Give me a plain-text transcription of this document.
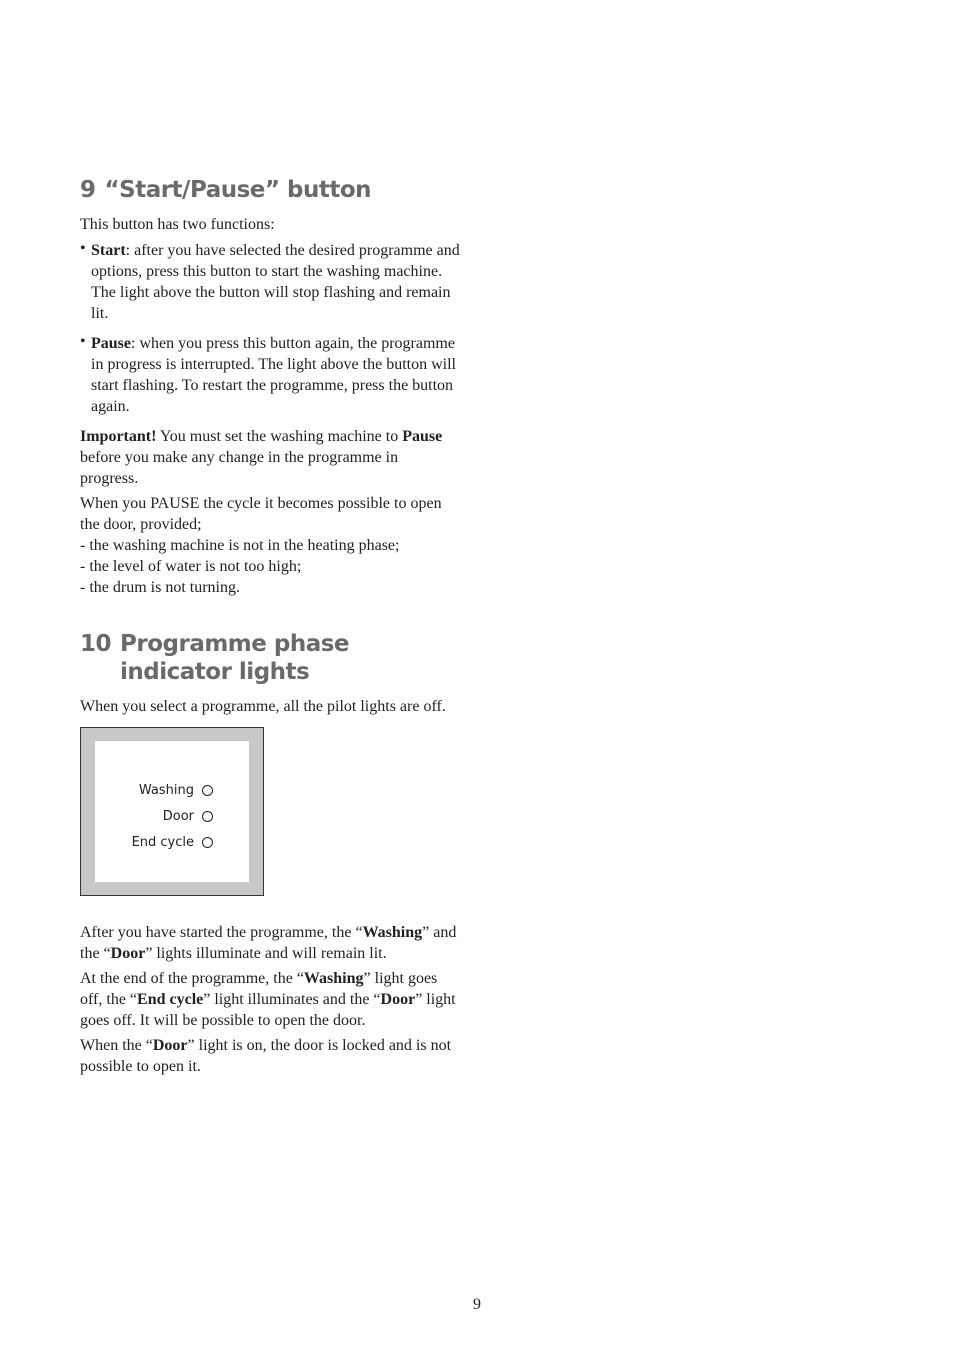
9 “Start/Pause” button

This button has two functions:

• Start: after you have selected the desired programme and options, press this button to start the washing machine. The light above the button will stop flashing and remain lit.

• Pause: when you press this button again, the programme in progress is interrupted. The light above the button will start flashing. To restart the programme, press the button again.

Important! You must set the washing machine to Pause before you make any change in the programme in progress.

When you PAUSE the cycle it becomes possible to open the door, provided;

- the washing machine is not in the heating phase;

- the level of water is not too high;

- the drum is not turning.

10 Programme phase indicator lights

When you select a programme, all the pilot lights are off.

Washing
Door
End cycle

After you have started the programme, the “Washing” and the “Door” lights illuminate and will remain lit.

At the end of the programme, the “Washing” light goes off, the “End cycle” light illuminates and the “Door” light goes off. It will be possible to open the door.

When the “Door” light is on, the door is locked and is not possible to open it.

9
